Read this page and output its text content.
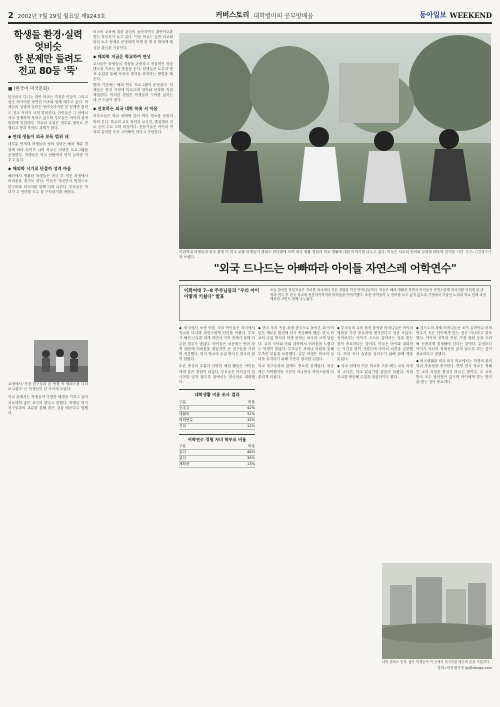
2 2002년 7월 29일 월요일 제9243호	커버스토리 대학별미의 공부방배울	동아일보 WEEKEND
학생들 환경·실력 엇비슷
한 분제만 들려도 전교 80등 '뚝'
■ (한국어 미국문화)

한국어로 다니는 대안 학교는 가천한 이들이 그리고 싶은 외국어를 당연한 어조와 함께 배우고 있다. 학생들의 성향과 실력은 엇비슷하지만 한 문제만 틀려도 전교 석차가 크게 떨어진다. 아이들은 그 안에서 서로 경쟁하며 자라고 있으며 부모들은 아이의 성적 변화에 민감하다. 학교의 수업은 대부분 영어로 진행되고 방과 후에도 과제가 많다.

◆ 연대 생들이 외국 보육 범위 내

대부분 연세대 학생들의 영어 실력은 해외 체류 경험에 따라 차이가 나며 학교는 다양한 프로그램을 운영한다. 학생들은 학교 안팎에서 언어 능력을 키우고 있다.

◆ 해외학 시기로 단결까 성격 마음

해외에서 생활한 학생들은 귀국 후 적응 과정에서 어려움을 겪기도 한다. 이들은 자신만의 방법으로 한국어와 외국어를 함께 익혀 나간다. 부모들은 자녀가 두 언어를 모두 잘 구사하기를 바란다.

교정에서 '가장 친구들과 한 번쯤 이 캠퍼스를 다녀 보고싶다' 는 학생들이 한 자리에 모였다.

학교 관계자는 학생들이 다양한 배경을 가지고 있어 서로에게 좋은 자극이 된다고 말했다. 학생들 역시 친구들과의 교류를 통해 많은 것을 배운다고 답했다.

외국어 교육에 대한 관심이 높아지면서 대안학교를 찾는 학부모가 늘고 있다. 이들 학교는 일반 학교와 달리 소수 정예로 운영되며 학생 한 명 한 명에게 세심한 관심을 기울인다.

◆ 해외학 지금은 학교하여 연상

교사들은 학생들의 개성을 존중하고 자율적인 학습 태도를 기르는 데 중점을 둔다. 학생들은 토론과 발표 수업을 통해 자신의 생각을 표현하는 방법을 배운다.

방학 기간에는 해외 연수 프로그램이 운영된다. 학생들은 현지 가정에 머무르며 언어와 문화를 직접 체험한다. 이러한 경험은 학생들의 시야를 넓히는 데 큰 도움이 된다.

◆ 선호하는 외국 대학 목록 서 마음

학부모들은 학교 선택에 앞서 여러 정보를 꼼꼼히 따져 본다. 학교의 교육 철학과 교사진, 졸업생의 진로 등이 주요 고려 대상이다. 전문가들은 아이의 적성과 흥미를 우선 고려해야 한다고 조언한다.

사진=김경제기자
이화여대 학생들과 외국 출생 이 미국 교환 학생들이 캠퍼스 잔디밭에 모여 외국 생활 경험과 학교 생활에 대한 이야기를 나누고 있다. 이들은 서로의 언어와 문화를 배우며 즐거운 시간을 보냈다.
"외국 드나드는 아빠따라 아이들 자연스레 어학연수"
이화여대 7~8 주부님들의 "우리 아이 이렇게 키웠다" 발표
오늘 참석한 학부모들은 자녀를 외국에서 키운 경험을 가진 어머니들이다. 이들은 해외 생활을 하면서 아이들이 자연스럽게 외국어를 익히게 된 과정과 귀국 후 한국 학교에 적응하기까지의 어려움을 이야기했다. 또한 아이들이 두 언어를 모두 잃지 않도록 가정에서 기울인 노력과 학교 선택 과정에서의 고민도 함께 나누었다.

◆ 외국에서 보낸 어린 시절 아이들은 외국에서 학교를 다니며 자연스럽게 언어를 익혔다. 부모가 해외 근무를 하게 되면서 가족 전체가 함께 이주한 경우가 많았다. 아이들은 처음에는 언어 장벽 때문에 어려움을 겪었지만 곧 친구들을 사귀며 적응했다. 현지 학교의 수업 방식은 한국과 많이 달랐다.

토론 중심의 수업과 다양한 체험 활동은 아이들에게 좋은 경험이 되었다. 부모들은 아이들이 한국어를 잊지 않도록 집에서는 한국어로 대화했다.

대학생활 비용 조사 결과
구분	비율
등록금	42%
생활비	31%
어학연수	15%
기타	12%
어학연수 경험 자녀 학부모 비율
구분	비율
있다	48%
없다	39%
계획중	13%

◆ 귀국 후의 적응 과정 한국으로 돌아온 뒤 아이들은 새로운 환경에 다시 적응해야 했다. 한국 학교의 수업 방식과 학생 문화는 외국과 크게 달랐다. 특히 국어와 사회 과목에서 어려움을 느꼈다는 학생이 많았다. 부모들은 과외나 학원을 통해 부족한 부분을 보충했다. 일부 학생은 외국어 실력을 유지하기 위해 꾸준히 원서를 읽었다.

학교 친구들과의 관계도 중요한 문제였다. 처음에는 서먹했지만 시간이 지나면서 자연스럽게 어울리게 되었다.

◆ 부모들의 교육 철학 참석한 어머니들은 아이의 행복을 가장 중요하게 생각한다고 입을 모았다. 성적보다는 아이가 스스로 좋아하는 일을 찾는 것이 중요하다는 것이다. 이들은 아이와 대화하는 시간을 많이 가졌으며 아이의 의견을 존중했다. 또한 독서 습관을 길러주기 위해 함께 책을 읽었다.

◆ 학교 선택의 기준 학교를 고를 때는 교육 과정과 교사진, 학교 분위기를 꼼꼼히 살폈다. 직접 학교를 방문해 수업을 참관하기도 했다.

◆ 앞으로의 과제 어머니들은 조기 유학이나 어학연수가 모든 아이에게 맞는 것은 아니라고 강조했다. 아이의 성격과 적성, 가정 형편 등을 고려해 신중하게 결정해야 한다는 것이다. 무엇보다 아이가 자신의 정체성을 잃지 않도록 하는 것이 중요하다고 말했다.

◆ 외국생활과 비교 외국 학교에서는 학생의 창의력과 자율성을 중시한다. 반면 한국 학교는 정해진 교과 과정을 충실히 따르는 편이다. 두 교육 방식 모두 장단점이 있으며 아이에게 맞는 방식을 찾는 것이 중요하다.

대학 캠퍼스 전경. 많은 학생들이 이 곳에서 외국어를 배우며 꿈을 키워간다.
정리=이진영기자 ljy@donga.com
